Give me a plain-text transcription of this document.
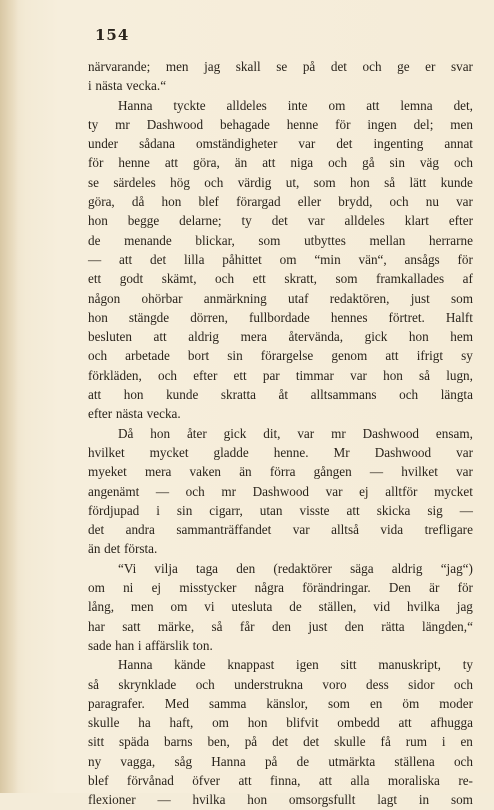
154
närvarande; men jag skall se på det och ge er svar
i nästa vecka.“
Hanna tyckte alldeles inte om att lemna det,
ty mr Dashwood behagade henne för ingen del; men
under sådana omständigheter var det ingenting annat
för henne att göra, än att niga och gå sin väg och
se särdeles hög och värdig ut, som hon så lätt kunde
göra, då hon blef förargad eller brydd, och nu var
hon begge delarne; ty det var alldeles klart efter
de menande blickar, som utbyttes mellan herrarne
— att det lilla påhittet om “min vän“, ansågs för
ett godt skämt, och ett skratt, som framkallades af
någon ohörbar anmärkning utaf redaktören, just som
hon stängde dörren, fullbordade hennes förtret. Halft
besluten att aldrig mera återvända, gick hon hem
och arbetade bort sin förargelse genom att ifrigt sy
förkläden, och efter ett par timmar var hon så lugn,
att hon kunde skratta åt alltsammans och längta
efter nästa vecka.
Då hon åter gick dit, var mr Dashwood ensam,
hvilket mycket gladde henne. Mr Dashwood var
myeket mera vaken än förra gången — hvilket var
angenämt — och mr Dashwood var ej alltför mycket
fördjupad i sin cigarr, utan visste att skicka sig —
det andra sammanträffandet var alltså vida trefligare
än det första.
“Vi vilja taga den (redaktörer säga aldrig “jag“)
om ni ej misstycker några förändringar. Den är för
lång, men om vi utesluta de ställen, vid hvilka jag
har satt märke, så får den just den rätta längden,“
sade han i affärslik ton.
Hanna kände knappast igen sitt manuskript, ty
så skrynklade och understrukna voro dess sidor och
paragrafer. Med samma känslor, som en öm moder
skulle ha haft, om hon blifvit ombedd att afhugga
sitt späda barns ben, på det det skulle få rum i en
ny vagga, såg Hanna på de utmärkta ställena och
blef förvånad öfver att finna, att alla moraliska re-
flexioner — hvilka hon omsorgsfullt lagt in som
